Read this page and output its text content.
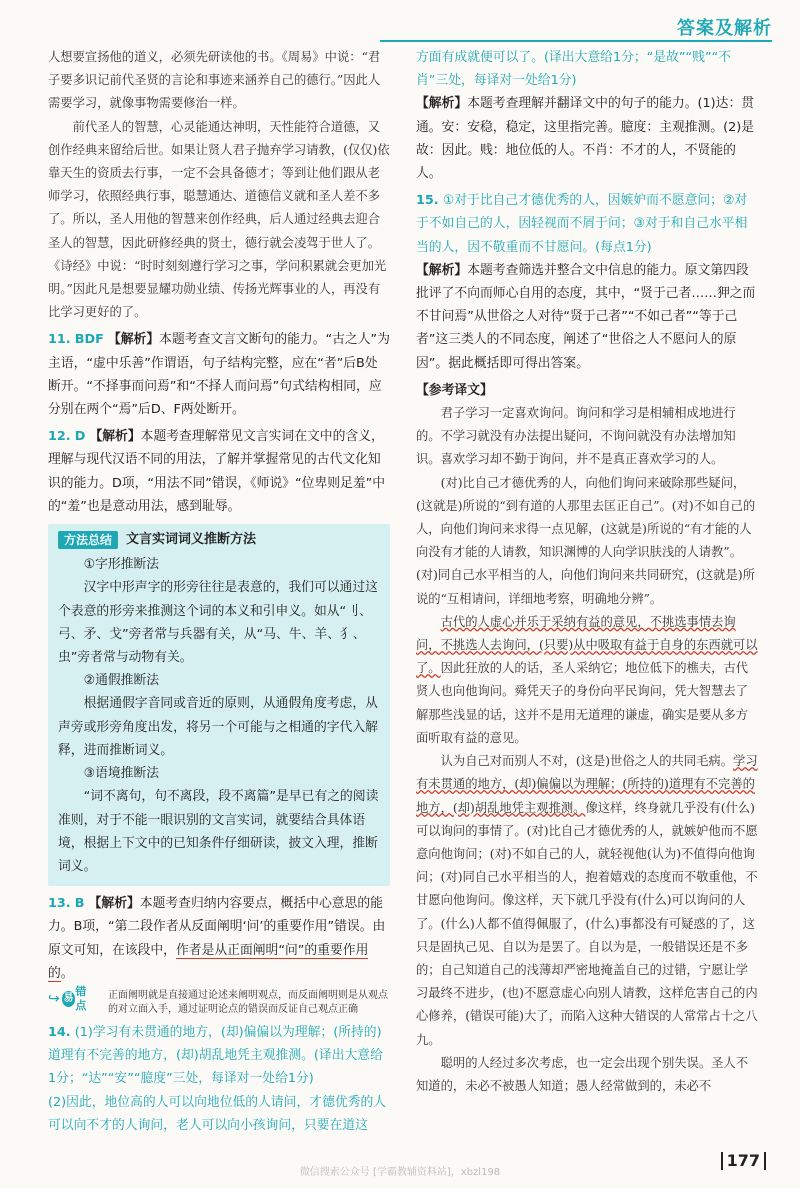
答案及解析

人想要宣扬他的道义，必须先研读他的书。《周易》中说：“君子要多识记前代圣贤的言论和事迹来涵养自己的德行。”因此人需要学习，就像事物需要修治一样。

前代圣人的智慧，心灵能通达神明，天性能符合道德，又创作经典来留给后世。如果让贤人君子抛弃学习请教，(仅仅)依靠天生的资质去行事，一定不会具备德才；等到让他们跟从老师学习，依照经典行事，聪慧通达、道德信义就和圣人差不多了。所以，圣人用他的智慧来创作经典，后人通过经典去迎合圣人的智慧，因此研修经典的贤士，德行就会凌驾于世人了。《诗经》中说：“时时刻刻遵行学习之事，学问积累就会更加光明。”因此凡是想要显耀功勋业绩、传扬光辉事业的人，再没有比学习更好的了。

11. BDF 【解析】本题考查文言文断句的能力。“古之人”为主语，“虚中乐善”作谓语，句子结构完整，应在“者”后B处断开。“不择事而问焉”和“不择人而问焉”句式结构相同，应分别在两个“焉”后D、F两处断开。

12. D 【解析】本题考查理解常见文言实词在文中的含义，理解与现代汉语不同的用法，了解并掌握常见的古代文化知识的能力。D项，“用法不同”错误，《师说》“位卑则足羞”中的“羞”也是意动用法，感到耻辱。

方法总结	文言实词词义推断方法

①字形推断法

汉字中形声字的形旁往往是表意的，我们可以通过这个表意的形旁来推测这个词的本义和引申义。如从“刂、弓、矛、戈”旁者常与兵器有关，从“马、牛、羊、犭、虫”旁者常与动物有关。

②通假推断法

根据通假字音同或音近的原则，从通假角度考虑，从声旁或形旁角度出发，将另一个可能与之相通的字代入解释，进而推断词义。

③语境推断法

“词不离句，句不离段，段不离篇”是早已有之的阅读准则，对于不能一眼识别的文言实词，就要结合具体语境，根据上下文中的已知条件仔细研读，披文入理，推断词义。

13. B 【解析】本题考查归纳内容要点，概括中心意思的能力。B项，“第二段作者从反面阐明‘问’的重要作用”错误。由原文可知，在该段中，作者是从正面阐明“问”的重要作用的。

↪ 易
错点
正面阐明就是直接通过论述来阐明观点，而反面阐明则是从观点的对立面入手，通过证明论点的错误而反证自己观点正确

14. (1)学习有未贯通的地方，(却)偏偏以为理解；(所持的)道理有不完善的地方，(却)胡乱地凭主观推测。(译出大意给1分；“达”“安”“臆度”三处，每译对一处给1分)

(2)因此，地位高的人可以向地位低的人请问，才德优秀的人可以向不才的人询问，老人可以向小孩询问，只要在道这

方面有成就便可以了。(译出大意给1分；“是故”“贱”“不肖”三处，每译对一处给1分)

【解析】本题考查理解并翻译文中的句子的能力。(1)达：贯通。安：安稳，稳定，这里指完善。臆度：主观推测。(2)是故：因此。贱：地位低的人。不肖：不才的人，不贤能的人。

15. ①对于比自己才德优秀的人，因嫉妒而不愿意问；②对于不如自己的人，因轻视而不屑于问；③对于和自己水平相当的人，因不敬重而不甘愿问。(每点1分)

【解析】本题考查筛选并整合文中信息的能力。原文第四段批评了不向而师心自用的态度，其中，“贤于己者……狎之而不甘问焉”从世俗之人对待“贤于己者”“不如己者”“等于己者”这三类人的不同态度，阐述了“世俗之人不愿问人的原因”。据此概括即可得出答案。

【参考译文】

君子学习一定喜欢询问。询问和学习是相辅相成地进行的。不学习就没有办法提出疑问，不询问就没有办法增加知识。喜欢学习却不勤于询问，并不是真正喜欢学习的人。

(对)比自己才德优秀的人，向他们询问来破除那些疑问，(这就是)所说的“到有道的人那里去匡正自己”。(对)不如自己的人，向他们询问来求得一点见解，(这就是)所说的“有才能的人向没有才能的人请教，知识渊博的人向学识肤浅的人请教”。(对)同自己水平相当的人，向他们询问来共同研究，(这就是)所说的“互相请问，详细地考察，明确地分辨”。

古代的人虚心并乐于采纳有益的意见，不挑选事情去询问，不挑选人去询问，(只要)从中吸取有益于自身的东西就可以了。因此狂放的人的话，圣人采纳它；地位低下的樵夫，古代贤人也向他询问。舜凭天子的身份向平民询问，凭大智慧去了解那些浅显的话，这并不是用无道理的谦虚，确实是要从多方面听取有益的意见。

认为自己对而别人不对，(这是)世俗之人的共同毛病。学习有未贯通的地方，(却)偏偏以为理解；(所持的)道理有不完善的地方，(却)胡乱地凭主观推测。像这样，终身就几乎没有(什么)可以询问的事情了。(对)比自己才德优秀的人，就嫉妒他而不愿意向他询问；(对)不如自己的人，就轻视他(认为)不值得向他询问；(对)同自己水平相当的人，抱着嬉戏的态度而不敬重他，不甘愿向他询问。像这样，天下就几乎没有(什么)可以询问的人了。(什么)人都不值得佩服了，(什么)事都没有可疑惑的了，这只是固执己见、自以为是罢了。自以为是，一般错误还是不多的；自己知道自己的浅薄却严密地掩盖自己的过错，宁愿让学习最终不进步，(也)不愿意虚心向别人请教，这样危害自己的内心修养，(错误可能)大了，而陷入这种大错误的人常常占十之八九。

聪明的人经过多次考虑，也一定会出现个别失误。圣人不知道的，未必不被愚人知道；愚人经常做到的，未必不

微信搜索公众号 [学霸教辅资料站]，xbzl198
177
